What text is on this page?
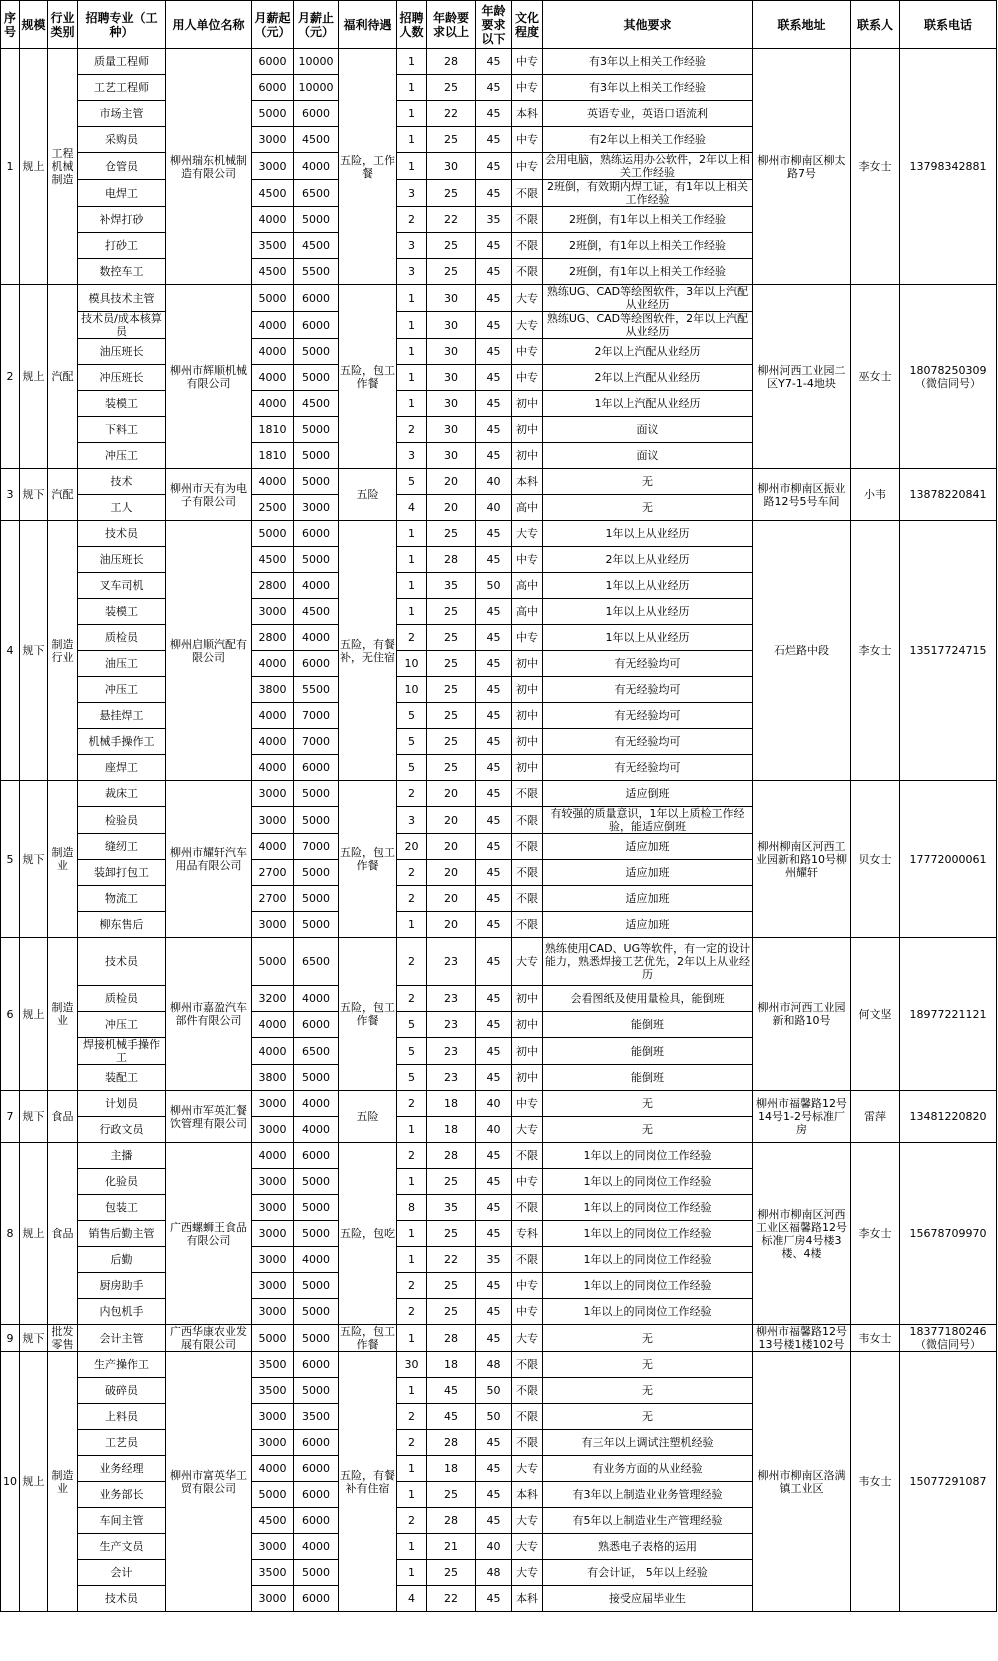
序号	规模	行业类别	招聘专业（工种）	用人单位名称	月薪起（元）	月薪止（元）	福利待遇	招聘人数	年龄要求以上	年龄要求以下	文化程度	其他要求	联系地址	联系人	联系电话
1	规上	工程机械制造	质量工程师	柳州瑞东机械制造有限公司	6000	10000	五险，工作餐	1	28	45	中专	有3年以上相关工作经验	柳州市柳南区柳太路7号	李女士	13798342881
			工艺工程师		6000	10000		1	25	45	中专	有3年以上相关工作经验			
			市场主管		5000	6000		1	22	45	本科	英语专业，英语口语流利			
			采购员		3000	4500		1	25	45	中专	有2年以上相关工作经验			
			仓管员		3000	4000		1	30	45	中专	会用电脑，熟练运用办公软件，2年以上相关工作经验			
			电焊工		4500	6500		3	25	45	不限	2班倒，有效期内焊工证，有1年以上相关工作经验			
			补焊打砂		4000	5000		2	22	35	不限	2班倒，有1年以上相关工作经验			
			打砂工		3500	4500		3	25	45	不限	2班倒，有1年以上相关工作经验			
			数控车工		4500	5500		3	25	45	不限	2班倒，有1年以上相关工作经验			
2	规上	汽配	模具技术主管	柳州市辉顺机械有限公司	5000	6000	五险，包工作餐	1	30	45	大专	熟练UG、CAD等绘图软件，3年以上汽配从业经历	柳州河西工业园二区Y7-1-4地块	巫女士	18078250309（微信同号）
			技术员/成本核算员		4000	6000		1	30	45	大专	熟练UG、CAD等绘图软件，2年以上汽配从业经历			
			油压班长		4000	5000		1	30	45	中专	2年以上汽配从业经历			
			冲压班长		4000	5000		1	30	45	中专	2年以上汽配从业经历			
			装模工		4000	4500		1	30	45	初中	1年以上汽配从业经历			
			下料工		1810	5000		2	30	45	初中	面议			
			冲压工		1810	5000		3	30	45	初中	面议			
3	规下	汽配	技术	柳州市天有为电子有限公司	4000	5000	五险	5	20	40	本科	无	柳州市柳南区振业路12号5号车间	小韦	13878220841
			工人		2500	3000		4	20	40	高中	无			
4	规下	制造行业	技术员	柳州启顺汽配有限公司	5000	6000	五险，有餐补，无住宿	1	25	45	大专	1年以上从业经历	石烂路中段	李女士	13517724715
			油压班长		4500	5000		1	28	45	中专	2年以上从业经历			
			叉车司机		2800	4000		1	35	50	高中	1年以上从业经历			
			装模工		3000	4500		1	25	45	高中	1年以上从业经历			
			质检员		2800	4000		2	25	45	中专	1年以上从业经历			
			油压工		4000	6000		10	25	45	初中	有无经验均可			
			冲压工		3800	5500		10	25	45	初中	有无经验均可			
			悬挂焊工		4000	7000		5	25	45	初中	有无经验均可			
			机械手操作工		4000	7000		5	25	45	初中	有无经验均可			
			座焊工		4000	6000		5	25	45	初中	有无经验均可			
5	规下	制造业	裁床工	柳州市耀轩汽车用品有限公司	3000	5000	五险，包工作餐	2	20	45	不限	适应倒班	柳州柳南区河西工业园新和路10号柳州耀轩	贝女士	17772000061
			检验员		3000	5000		3	20	45	不限	有较强的质量意识，1年以上质检工作经验，能适应倒班			
			缝纫工		4000	7000		20	20	45	不限	适应加班			
			装卸打包工		2700	5000		2	20	45	不限	适应加班			
			物流工		2700	5000		2	20	45	不限	适应加班			
			柳东售后		3000	5000		1	20	45	不限	适应加班			
6	规上	制造业	技术员	柳州市嘉盈汽车部件有限公司	5000	6500	五险，包工作餐	2	23	45	大专	熟练使用CAD、UG等软件，有一定的设计能力，熟悉焊接工艺优先，2年以上从业经历	柳州市河西工业园新和路10号	何文坚	18977221121
			质检员		3200	4000		2	23	45	初中	会看图纸及使用量检具，能倒班			
			冲压工		4000	6000		5	23	45	初中	能倒班			
			焊接机械手操作工		4000	6500		5	23	45	初中	能倒班			
			装配工		3800	5000		5	23	45	初中	能倒班			
7	规下	食品	计划员	柳州市军英汇餐饮管理有限公司	3000	4000	五险	2	18	40	中专	无	柳州市福馨路12号14号1-2号标准厂房	雷萍	13481220820
			行政文员		3000	4000		1	18	40	大专	无			
8	规上	食品	主播	广西螺蛳王食品有限公司	4000	6000	五险，包吃	2	28	45	不限	1年以上的同岗位工作经验	柳州市柳南区河西工业区福馨路12号标准厂房4号楼3楼、4楼	李女士	15678709970
			化验员		3000	5000		1	25	45	中专	1年以上的同岗位工作经验			
			包装工		3000	5000		8	35	45	不限	1年以上的同岗位工作经验			
			销售后勤主管		3000	5000		1	25	45	专科	1年以上的同岗位工作经验			
			后勤		3000	4000		1	22	35	不限	1年以上的同岗位工作经验			
			厨房助手		3000	5000		2	25	45	中专	1年以上的同岗位工作经验			
			内包机手		3000	5000		2	25	45	中专	1年以上的同岗位工作经验			
9	规下	批发零售	会计主管	广西华康农业发展有限公司	5000	5000	五险，包工作餐	1	28	45	大专	无	柳州市福馨路12号13号楼1楼102号	韦女士	18377180246（微信同号）
10	规上	制造业	生产操作工	柳州市富英华工贸有限公司	3500	6000	五险，有餐补有住宿	30	18	48	不限	无	柳州市柳南区洛满镇工业区	韦女士	15077291087
			破碎员		3500	5000		1	45	50	不限	无			
			上料员		3000	3500		2	45	50	不限	无			
			工艺员		3000	6000		2	28	45	不限	有三年以上调试注塑机经验			
			业务经理		4000	6000		1	18	45	大专	有业务方面的从业经验			
			业务部长		5000	6000		1	25	45	本科	有3年以上制造业业务管理经验			
			车间主管		4500	6000		2	28	45	大专	有5年以上制造业生产管理经验			
			生产文员		3000	4000		1	21	40	大专	熟悉电子表格的运用			
			会计		3500	5000		1	25	48	大专	有会计证， 5年以上经验			
			技术员		3000	6000		4	22	45	本科	接受应届毕业生			
